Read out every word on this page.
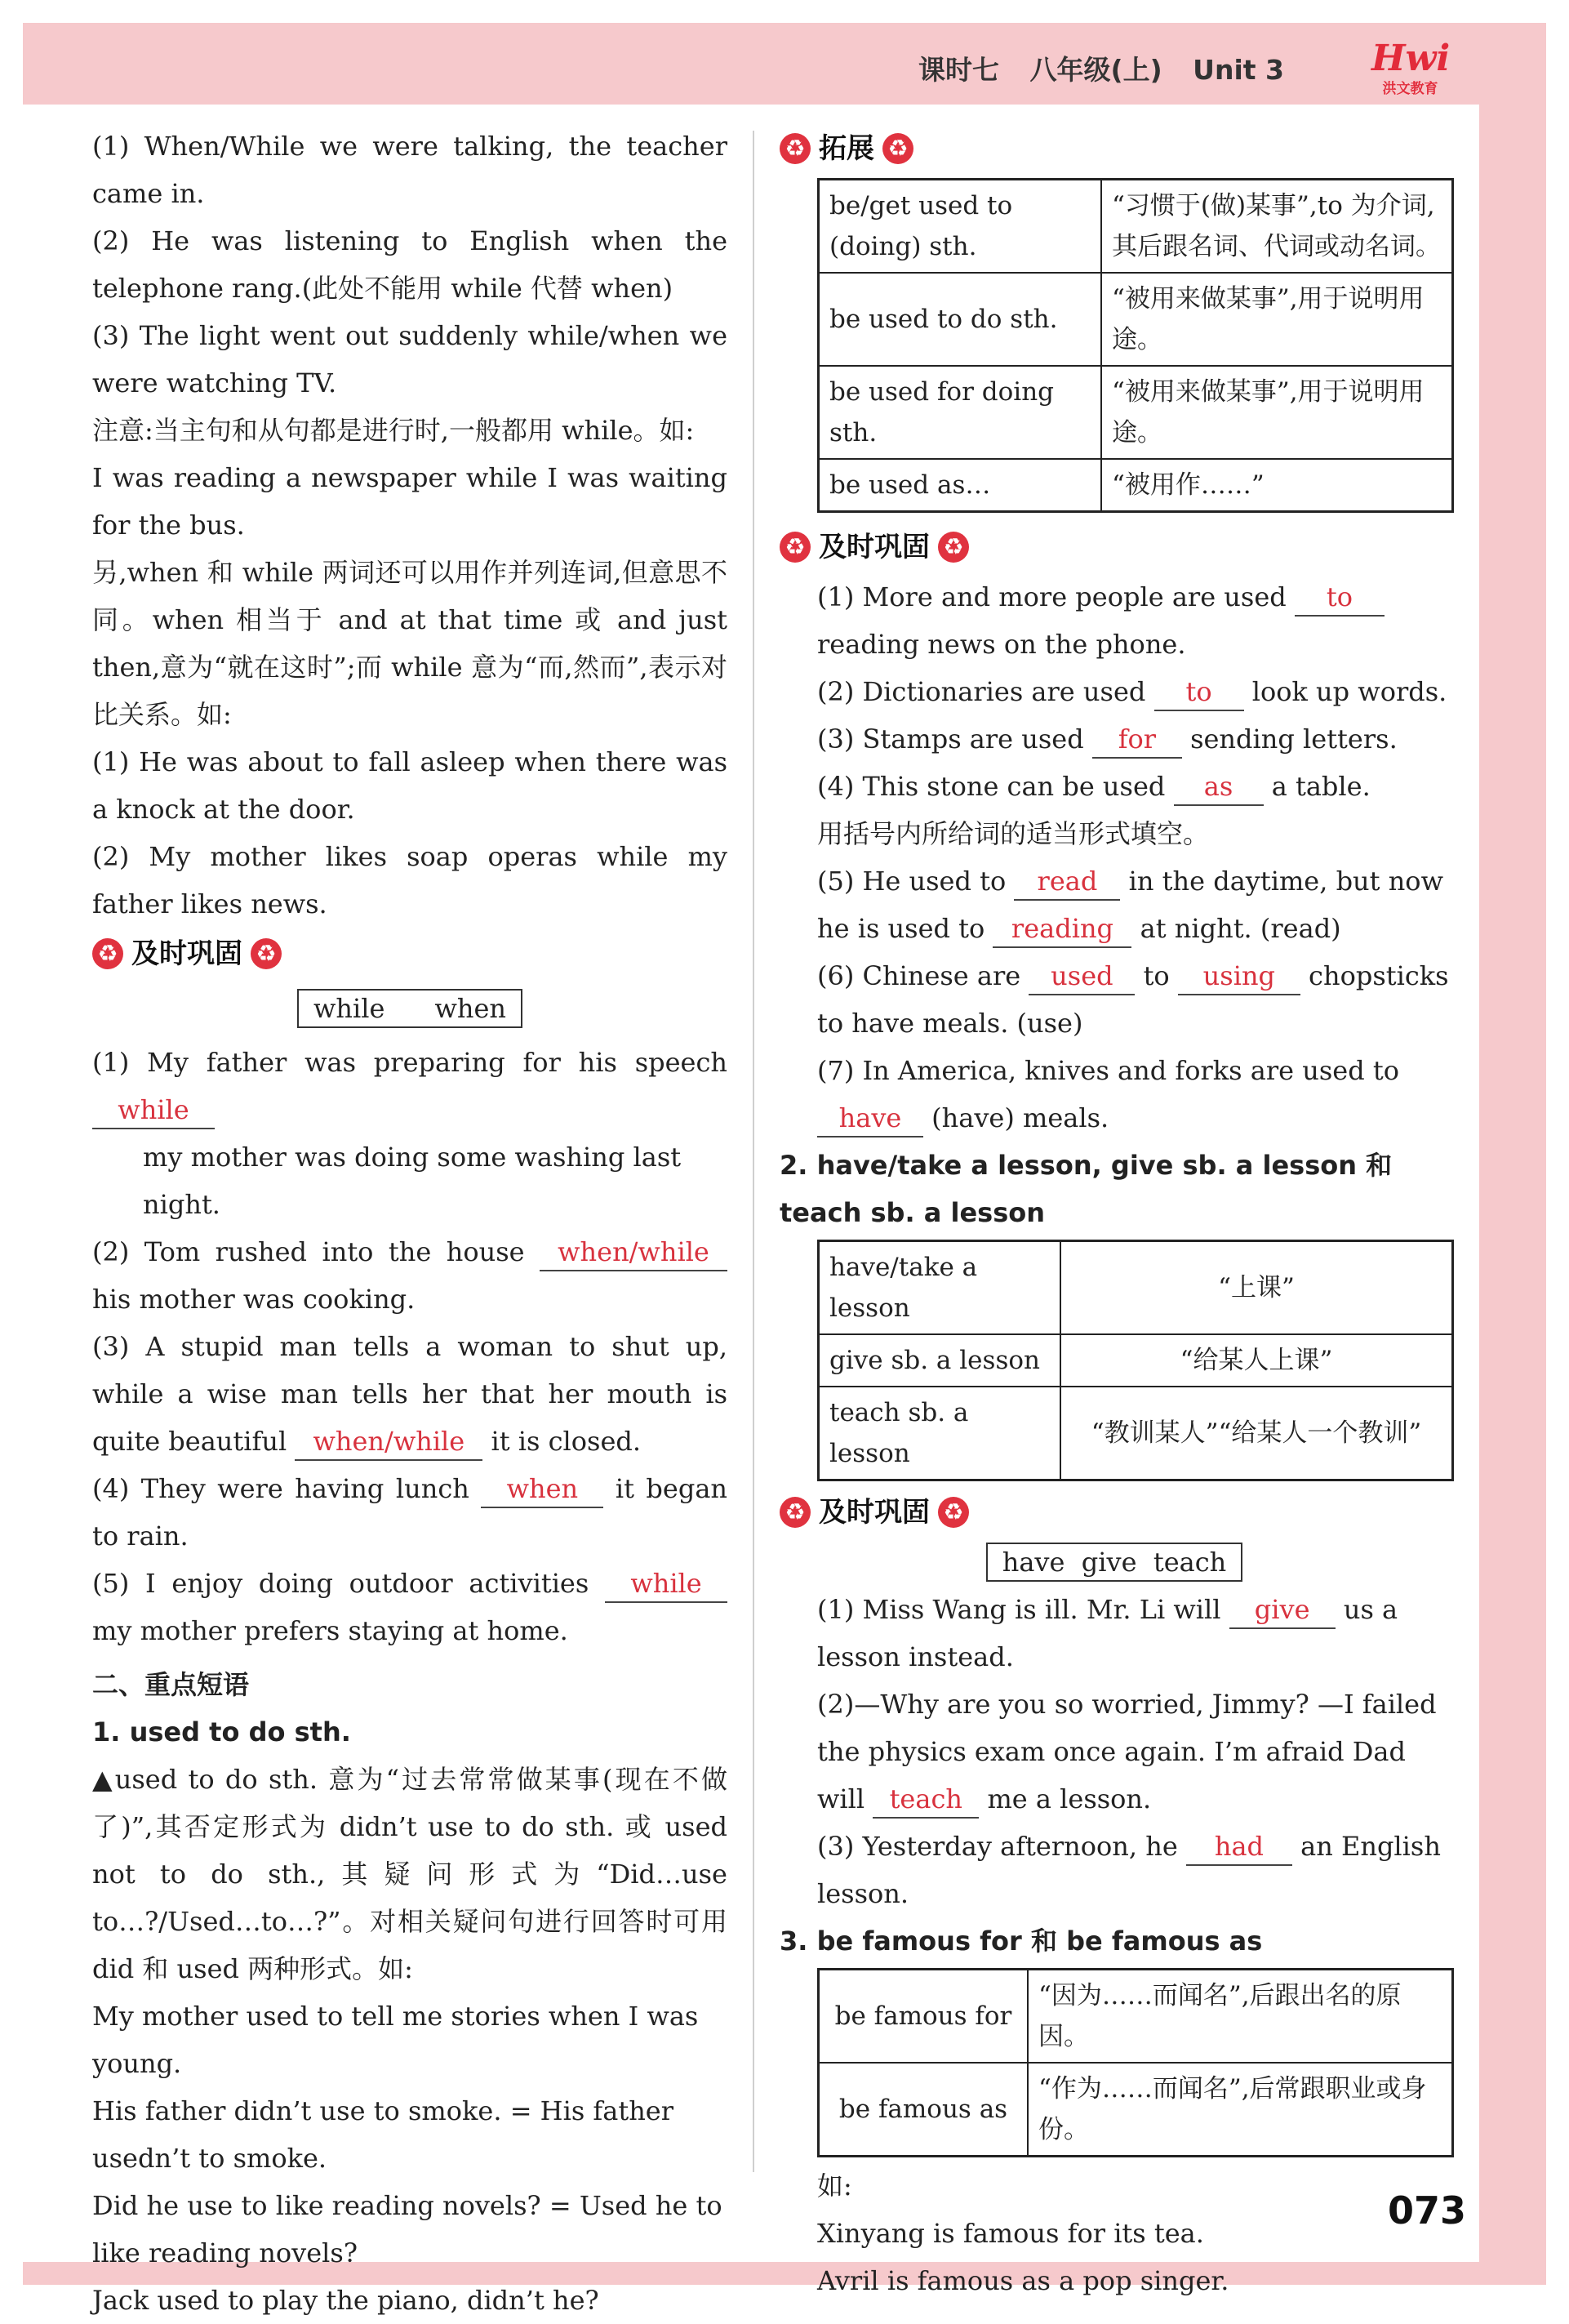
课时七 八年级(上) Unit 3	Hwi
洪文教育

(1) When/While we were talking, the teacher came in.

(2) He was listening to English when the telephone rang.(此处不能用 while 代替 when)

(3) The light went out suddenly while/when we were watching TV.

注意:当主句和从句都是进行时,一般都用 while。如:

I was reading a newspaper while I was waiting for the bus.

另,when 和 while 两词还可以用作并列连词,但意思不同。when 相当于 and at that time 或 and just then,意为“就在这时”;而 while 意为“而,然而”,表示对比关系。如:

(1) He was about to fall asleep when there was a knock at the door.

(2) My mother likes soap operas while my father likes news.

♻ 及时巩固 ♻
while      when

(1) My father was preparing for his speech while

my mother was doing some washing last night.

(2) Tom rushed into the house when/while his mother was cooking.

(3) A stupid man tells a woman to shut up, while a wise man tells her that her mouth is quite beautiful when/while it is closed.

(4) They were having lunch when it began to rain.

(5) I enjoy doing outdoor activities while my mother prefers staying at home.

二、重点短语

1. used to do sth.

▲used to do sth. 意为“过去常常做某事(现在不做了)”,其否定形式为 didn’t use to do sth. 或 used not to do sth.,其疑问形式为“Did…use to…?/Used…to…?”。对相关疑问句进行回答时可用 did 和 used 两种形式。如:

My mother used to tell me stories when I was young.

His father didn’t use to smoke. = His father usedn’t to smoke.

Did he use to like reading novels? = Used he to like reading novels?

Jack used to play the piano, didn’t he?

♻ 拓展 ♻
be/get used to (doing) sth.	“习惯于(做)某事”,to 为介词,其后跟名词、代词或动名词。
be used to do sth.	“被用来做某事”,用于说明用途。
be used for doing sth.	“被用来做某事”,用于说明用途。
be used as…	“被用作……”
♻ 及时巩固 ♻

(1) More and more people are used to reading news on the phone.

(2) Dictionaries are used to look up words.

(3) Stamps are used for sending letters.

(4) This stone can be used as a table.

用括号内所给词的适当形式填空。

(5) He used to read in the daytime, but now he is used to reading at night. (read)

(6) Chinese are used to using chopsticks to have meals. (use)

(7) In America, knives and forks are used to have (have) meals.

2. have/take a lesson, give sb. a lesson 和 teach sb. a lesson

have/take a lesson	“上课”
give sb. a lesson	“给某人上课”
teach sb. a lesson	“教训某人”“给某人一个教训”
♻ 及时巩固 ♻
have  give  teach

(1) Miss Wang is ill. Mr. Li will give us a lesson instead.

(2)—Why are you so worried, Jimmy? —I failed the physics exam once again. I’m afraid Dad will teach me a lesson.

(3) Yesterday afternoon, he had an English lesson.

3. be famous for 和 be famous as

be famous for	“因为……而闻名”,后跟出名的原因。
be famous as	“作为……而闻名”,后常跟职业或身份。

如:

Xinyang is famous for its tea.

Avril is famous as a pop singer.

073
